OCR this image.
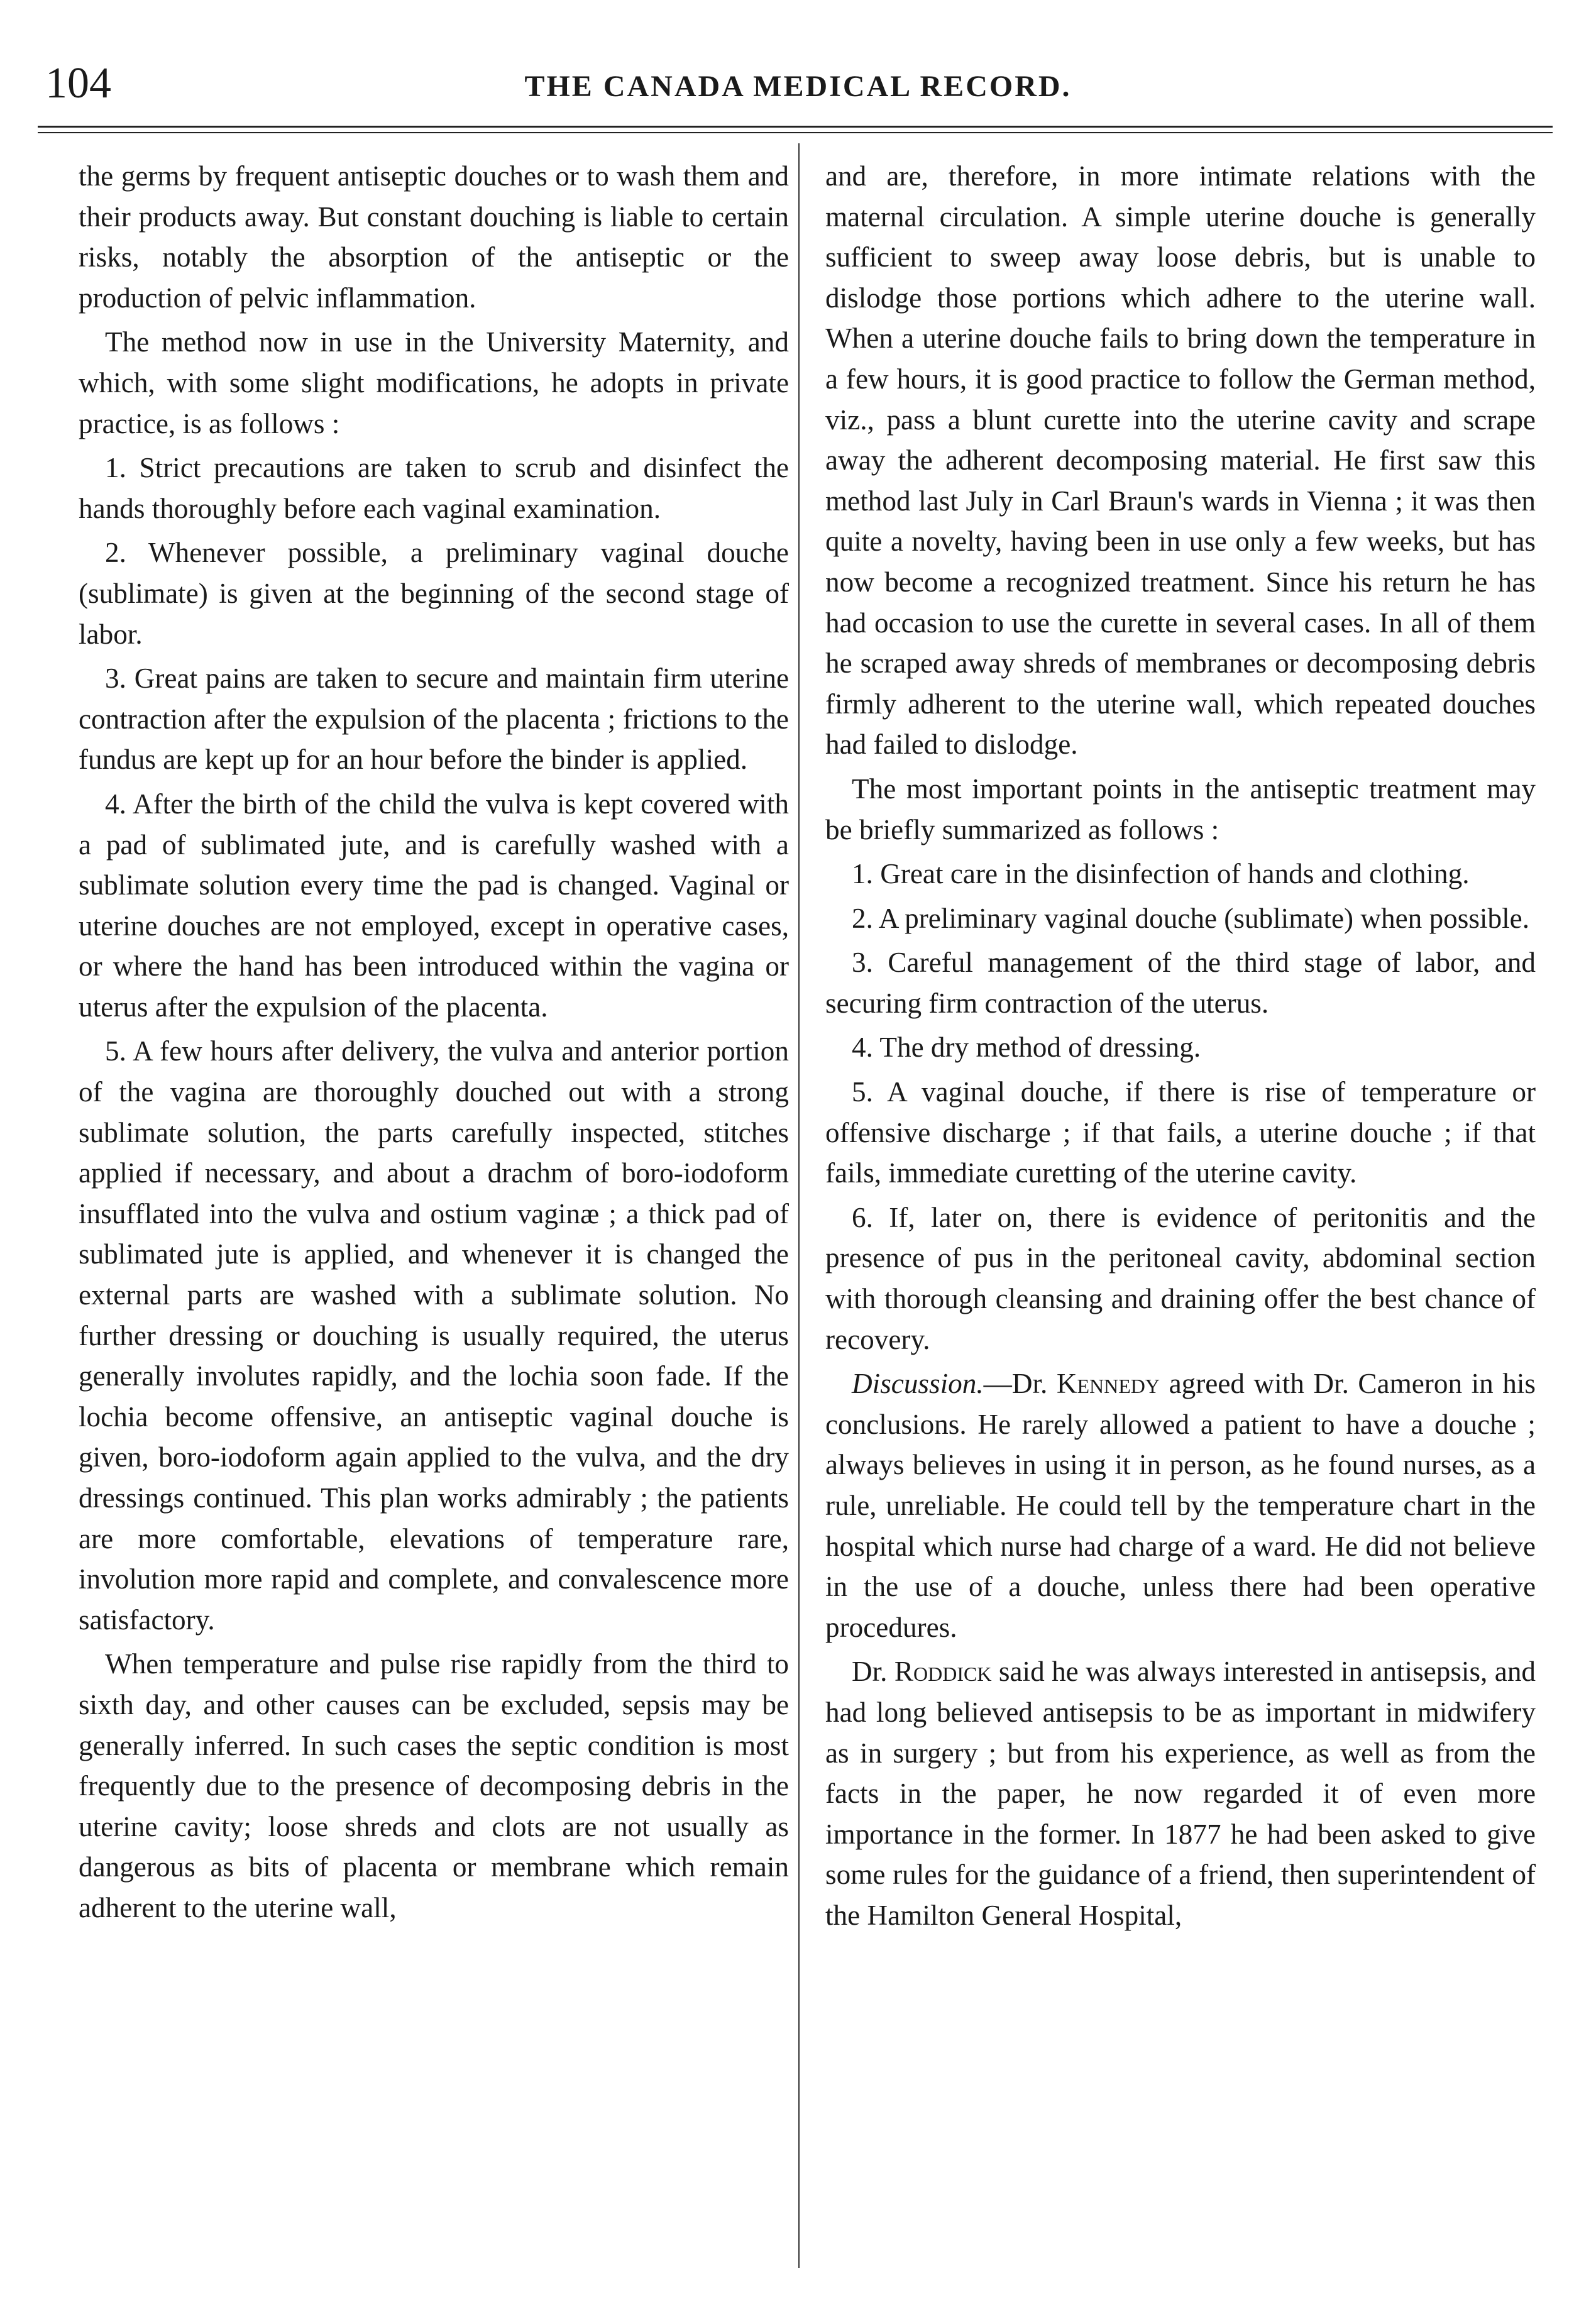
104	THE CANADA MEDICAL RECORD.

the germs by frequent antiseptic douches or to wash them and their products away. But constant douching is liable to certain risks, notably the absorption of the antiseptic or the production of pelvic inflammation.

The method now in use in the University Maternity, and which, with some slight modifications, he adopts in private practice, is as follows :

1. Strict precautions are taken to scrub and disinfect the hands thoroughly before each vaginal examination.

2. Whenever possible, a preliminary vaginal douche (sublimate) is given at the beginning of the second stage of labor.

3. Great pains are taken to secure and maintain firm uterine contraction after the expulsion of the placenta ; frictions to the fundus are kept up for an hour before the binder is applied.

4. After the birth of the child the vulva is kept covered with a pad of sublimated jute, and is carefully washed with a sublimate solution every time the pad is changed. Vaginal or uterine douches are not employed, except in operative cases, or where the hand has been introduced within the vagina or uterus after the expulsion of the placenta.

5. A few hours after delivery, the vulva and anterior portion of the vagina are thoroughly douched out with a strong sublimate solution, the parts carefully inspected, stitches applied if necessary, and about a drachm of boro-iodoform insufflated into the vulva and ostium vaginæ ; a thick pad of sublimated jute is applied, and whenever it is changed the external parts are washed with a sublimate solution. No further dressing or douching is usually required, the uterus generally involutes rapidly, and the lochia soon fade. If the lochia become offensive, an antiseptic vaginal douche is given, boro-iodoform again applied to the vulva, and the dry dressings continued. This plan works admirably ; the patients are more comfortable, elevations of temperature rare, involution more rapid and complete, and convalescence more satisfactory.

When temperature and pulse rise rapidly from the third to sixth day, and other causes can be excluded, sepsis may be generally inferred. In such cases the septic condition is most frequently due to the presence of decomposing debris in the uterine cavity; loose shreds and clots are not usually as dangerous as bits of placenta or membrane which remain adherent to the uterine wall,

and are, therefore, in more intimate relations with the maternal circulation. A simple uterine douche is generally sufficient to sweep away loose debris, but is unable to dislodge those portions which adhere to the uterine wall. When a uterine douche fails to bring down the temperature in a few hours, it is good practice to follow the German method, viz., pass a blunt curette into the uterine cavity and scrape away the adherent decomposing material. He first saw this method last July in Carl Braun's wards in Vienna ; it was then quite a novelty, having been in use only a few weeks, but has now become a recognized treatment. Since his return he has had occasion to use the curette in several cases. In all of them he scraped away shreds of membranes or decomposing debris firmly adherent to the uterine wall, which repeated douches had failed to dislodge.

The most important points in the antiseptic treatment may be briefly summarized as follows :

1. Great care in the disinfection of hands and clothing.

2. A preliminary vaginal douche (sublimate) when possible.

3. Careful management of the third stage of labor, and securing firm contraction of the uterus.

4. The dry method of dressing.

5. A vaginal douche, if there is rise of temperature or offensive discharge ; if that fails, a uterine douche ; if that fails, immediate curetting of the uterine cavity.

6. If, later on, there is evidence of peritonitis and the presence of pus in the peritoneal cavity, abdominal section with thorough cleansing and draining offer the best chance of recovery.

Discussion.—Dr. Kennedy agreed with Dr. Cameron in his conclusions. He rarely allowed a patient to have a douche ; always believes in using it in person, as he found nurses, as a rule, unreliable. He could tell by the temperature chart in the hospital which nurse had charge of a ward. He did not believe in the use of a douche, unless there had been operative procedures.

Dr. Roddick said he was always interested in antisepsis, and had long believed antisepsis to be as important in midwifery as in surgery ; but from his experience, as well as from the facts in the paper, he now regarded it of even more importance in the former. In 1877 he had been asked to give some rules for the guidance of a friend, then superintendent of the Hamilton General Hospital,
